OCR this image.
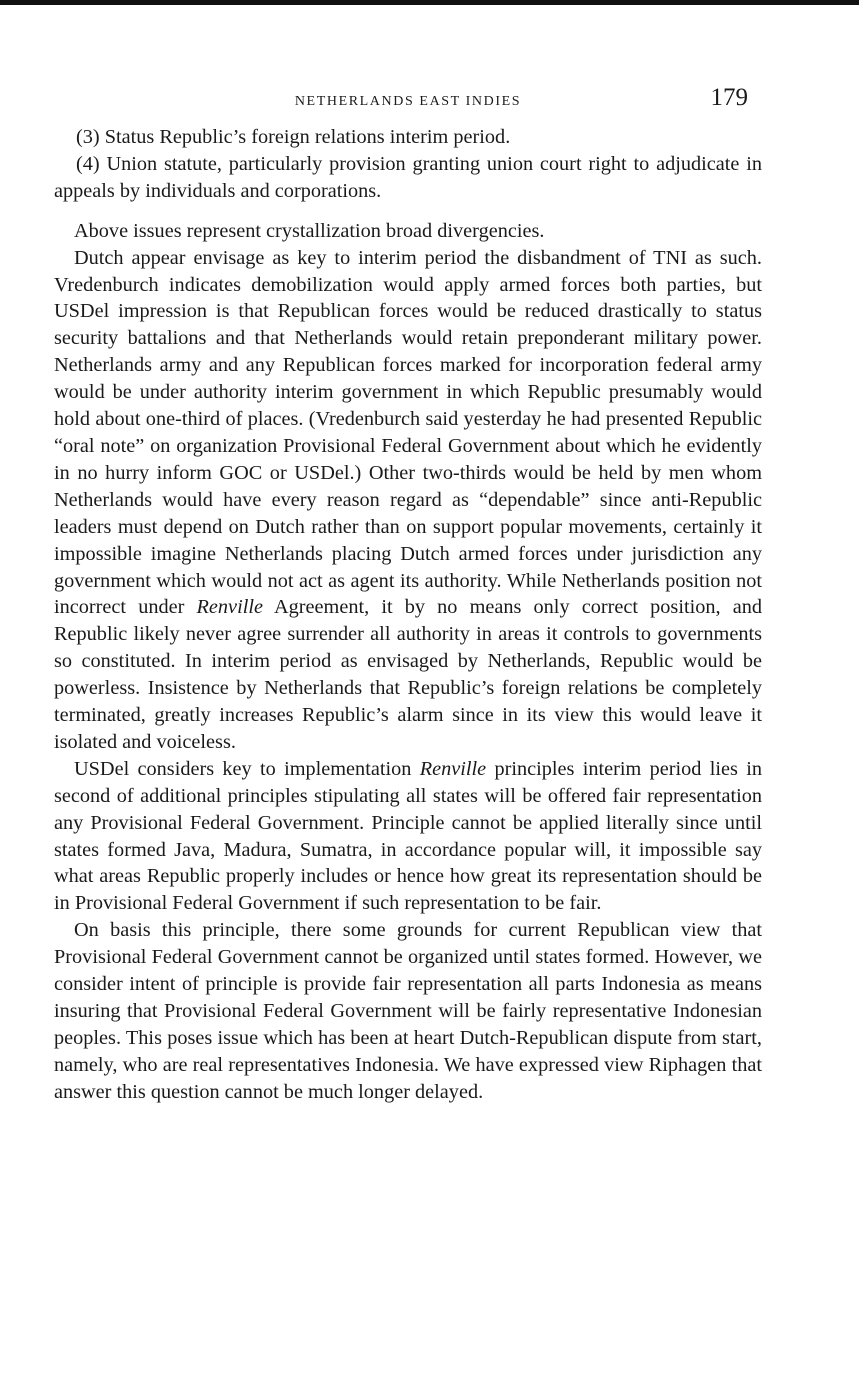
NETHERLANDS EAST INDIES	179

(3) Status Republic’s foreign relations interim period.

(4) Union statute, particularly provision granting union court right to adjudicate in appeals by individuals and corporations.

Above issues represent crystallization broad divergencies.

Dutch appear envisage as key to interim period the disbandment of TNI as such. Vredenburch indicates demobilization would apply armed forces both parties, but USDel impression is that Republican forces would be reduced drastically to status security battalions and that Netherlands would retain preponderant military power. Netherlands army and any Republican forces marked for incorporation federal army would be under authority interim government in which Republic presumably would hold about one-third of places. (Vredenburch said yesterday he had presented Republic “oral note” on organization Provisional Federal Government about which he evidently in no hurry inform GOC or USDel.) Other two-thirds would be held by men whom Netherlands would have every reason regard as “dependable” since anti-Republic leaders must depend on Dutch rather than on support popular movements, certainly it impossible imagine Netherlands placing Dutch armed forces under jurisdiction any government which would not act as agent its authority. While Netherlands position not incorrect under Renville Agreement, it by no means only correct position, and Republic likely never agree surrender all authority in areas it controls to governments so constituted. In interim period as envisaged by Netherlands, Republic would be powerless. Insistence by Netherlands that Republic’s foreign relations be completely terminated, greatly increases Republic’s alarm since in its view this would leave it isolated and voiceless.

USDel considers key to implementation Renville principles interim period lies in second of additional principles stipulating all states will be offered fair representation any Provisional Federal Government. Principle cannot be applied literally since until states formed Java, Madura, Sumatra, in accordance popular will, it impossible say what areas Republic properly includes or hence how great its representation should be in Provisional Federal Government if such representation to be fair.

On basis this principle, there some grounds for current Republican view that Provisional Federal Government cannot be organized until states formed. However, we consider intent of principle is provide fair representation all parts Indonesia as means insuring that Provisional Federal Government will be fairly representative Indonesian peoples. This poses issue which has been at heart Dutch-Republican dispute from start, namely, who are real representatives Indonesia. We have expressed view Riphagen that answer this question cannot be much longer delayed.
